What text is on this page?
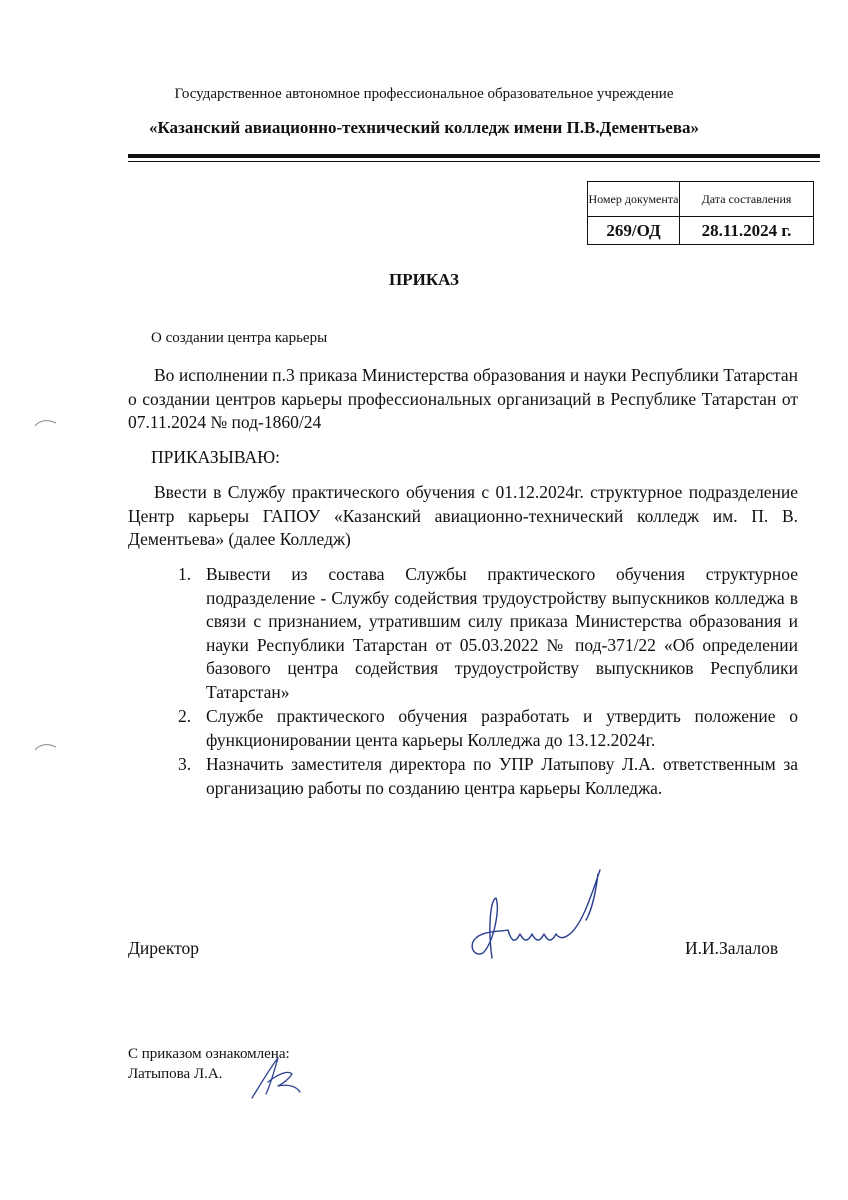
Государственное автономное профессиональное образовательное учреждение
«Казанский авиационно-технический колледж имени П.В.Дементьева»
Номер документа	Дата составления
269/ОД	28.11.2024 г.
ПРИКАЗ
О создании центра карьеры
Во исполнении п.3 приказа Министерства образования и науки Республики Татарстан о создании центров карьеры профессиональных организаций в Республике Татарстан от 07.11.2024 № под-1860/24
ПРИКАЗЫВАЮ:
Ввести в Службу практического обучения с 01.12.2024г. структурное подразделение Центр карьеры ГАПОУ «Казанский авиационно-технический колледж им. П. В. Дементьева» (далее Колледж)
1. Вывести из состава Службы практического обучения структурное подразделение - Службу содействия трудоустройству выпускников колледжа в связи с признанием, утратившим силу приказа Министерства образования и науки Республики Татарстан от 05.03.2022 № под-371/22 «Об определении базового центра содействия трудоустройству выпускников Республики Татарстан»
2. Службе практического обучения разработать и утвердить положение о функционировании цента карьеры Колледжа до 13.12.2024г.
3. Назначить заместителя директора по УПР Латыпову Л.А. ответственным за организацию работы по созданию центра карьеры Колледжа.
Директор	И.И.Залалов
С приказом ознакомлена:
Латыпова Л.А.
